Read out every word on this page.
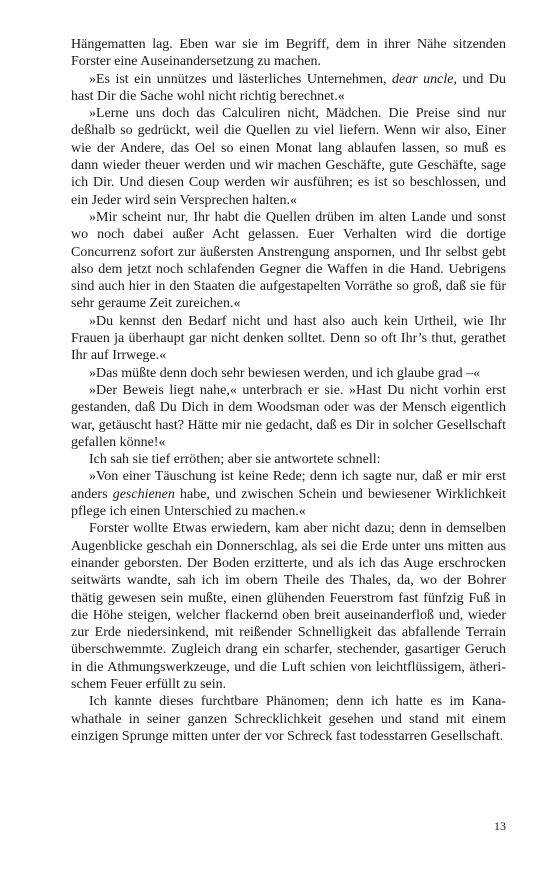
Hängematten lag. Eben war sie im Begriff, dem in ihrer Nähe sitzenden Forster eine Auseinandersetzung zu machen.

»Es ist ein unnützes und lästerliches Unternehmen, dear uncle, und Du hast Dir die Sache wohl nicht richtig berechnet.«

»Lerne uns doch das Calculiren nicht, Mädchen. Die Preise sind nur deßhalb so gedrückt, weil die Quellen zu viel liefern. Wenn wir also, Einer wie der Andere, das Oel so einen Monat lang ablaufen lassen, so muß es dann wieder theuer werden und wir machen Geschäfte, gute Geschäfte, sage ich Dir. Und diesen Coup werden wir ausführen; es ist so beschlossen, und ein Jeder wird sein Versprechen halten.«

»Mir scheint nur, Ihr habt die Quellen drüben im alten Lande und sonst wo noch dabei außer Acht gelassen. Euer Verhalten wird die dortige Concurrenz sofort zur äußersten Anstrengung anspornen, und Ihr selbst gebt also dem jetzt noch schlafenden Gegner die Waffen in die Hand. Uebrigens sind auch hier in den Staaten die aufgestapelten Vorräthe so groß, daß sie für sehr geraume Zeit zureichen.«

»Du kennst den Bedarf nicht und hast also auch kein Urtheil, wie Ihr Frauen ja überhaupt gar nicht denken solltet. Denn so oft Ihr’s thut, gerathet Ihr auf Irrwege.«

»Das müßte denn doch sehr bewiesen werden, und ich glaube grad –«

»Der Beweis liegt nahe,« unterbrach er sie. »Hast Du nicht vorhin erst gestanden, daß Du Dich in dem Woodsman oder was der Mensch eigentlich war, getäuscht hast? Hätte mir nie gedacht, daß es Dir in solcher Gesellschaft gefallen könne!«

Ich sah sie tief erröthen; aber sie antwortete schnell:

»Von einer Täuschung ist keine Rede; denn ich sagte nur, daß er mir erst anders geschienen habe, und zwischen Schein und bewiesener Wirklichkeit pflege ich einen Unterschied zu machen.«

Forster wollte Etwas erwiedern, kam aber nicht dazu; denn in demselben Augenblicke geschah ein Donnerschlag, als sei die Erde unter uns mitten aus einander geborsten. Der Boden erzitterte, und als ich das Auge erschrocken seitwärts wandte, sah ich im obern Theile des Thales, da, wo der Bohrer thätig gewesen sein mußte, einen glühenden Feuerstrom fast fünfzig Fuß in die Höhe steigen, welcher flackernd oben breit auseinanderfloß und, wieder zur Erde niedersinkend, mit reißender Schnelligkeit das abfallende Terrain überschwemmte. Zugleich drang ein scharfer, stechender, gasartiger Geruch in die Athmungswerkzeuge, und die Luft schien von leichtflüssigem, ätherischem Feuer erfüllt zu sein.

Ich kannte dieses furchtbare Phänomen; denn ich hatte es im Kanawhathale in seiner ganzen Schrecklichkeit gesehen und stand mit einem einzigen Sprunge mitten unter der vor Schreck fast todesstarren Gesellschaft.

13
